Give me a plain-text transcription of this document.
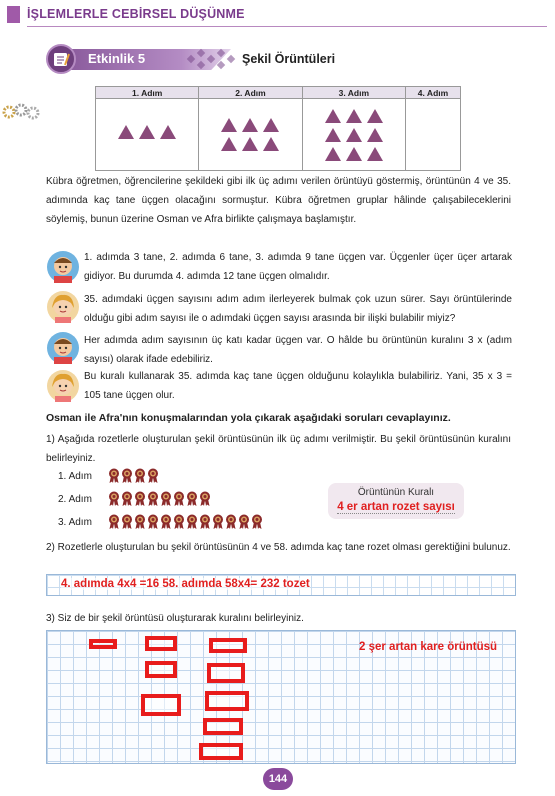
İŞLEMLERLE CEBİRSEL DÜŞÜNME
Etkinlik 5	Şekil Örüntüleri
1. Adım	2. Adım	3. Adım	4. Adım

Kübra öğretmen, öğrencilerine şekildeki gibi ilk üç adımı verilen örüntüyü göstermiş, örüntünün 4 ve 35. adımında kaç tane üçgen olacağını sormuştur. Kübra öğretmen gruplar hâlinde çalışabileceklerini söylemiş, bunun üzerine Osman ve Afra birlikte çalışmaya başlamıştır.
1. adımda 3 tane, 2. adımda 6 tane, 3. adımda 9 tane üçgen var. Üçgenler üçer üçer artarak gidiyor. Bu durumda 4. adımda 12 tane üçgen olmalıdır.
35. adımdaki üçgen sayısını adım adım ilerleyerek bulmak çok uzun sürer. Sayı örüntülerinde olduğu gibi adım sayısı ile o adımdaki üçgen sayısı arasında bir ilişki bulabilir miyiz?
Her adımda adım sayısının üç katı kadar üçgen var. O hâlde bu örüntünün kuralını 3 x (adım sayısı) olarak ifade edebiliriz.
Bu kuralı kullanarak 35. adımda kaç tane üçgen olduğunu kolaylıkla bulabiliriz. Yani, 35 x 3 = 105 tane üçgen olur.
Osman ile Afra'nın konuşmalarından yola çıkarak aşağıdaki soruları cevaplayınız.
1) Aşağıda rozetlerle oluşturulan şekil örüntüsünün ilk üç adımı verilmiştir. Bu şekil örüntüsünün kuralını belirleyiniz.
1. Adım
2. Adım
3. Adım
Örüntünün Kuralı
4 er artan rozet sayısı
2) Rozetlerle oluşturulan bu şekil örüntüsünün 4 ve 58. adımda kaç tane rozet olması gerektiğini bulunuz.
4. adımda 4x4 =16 58. adımda 58x4= 232 tozet
3) Siz de bir şekil örüntüsü oluşturarak kuralını belirleyiniz.
2 şer artan kare örüntüsü
144
